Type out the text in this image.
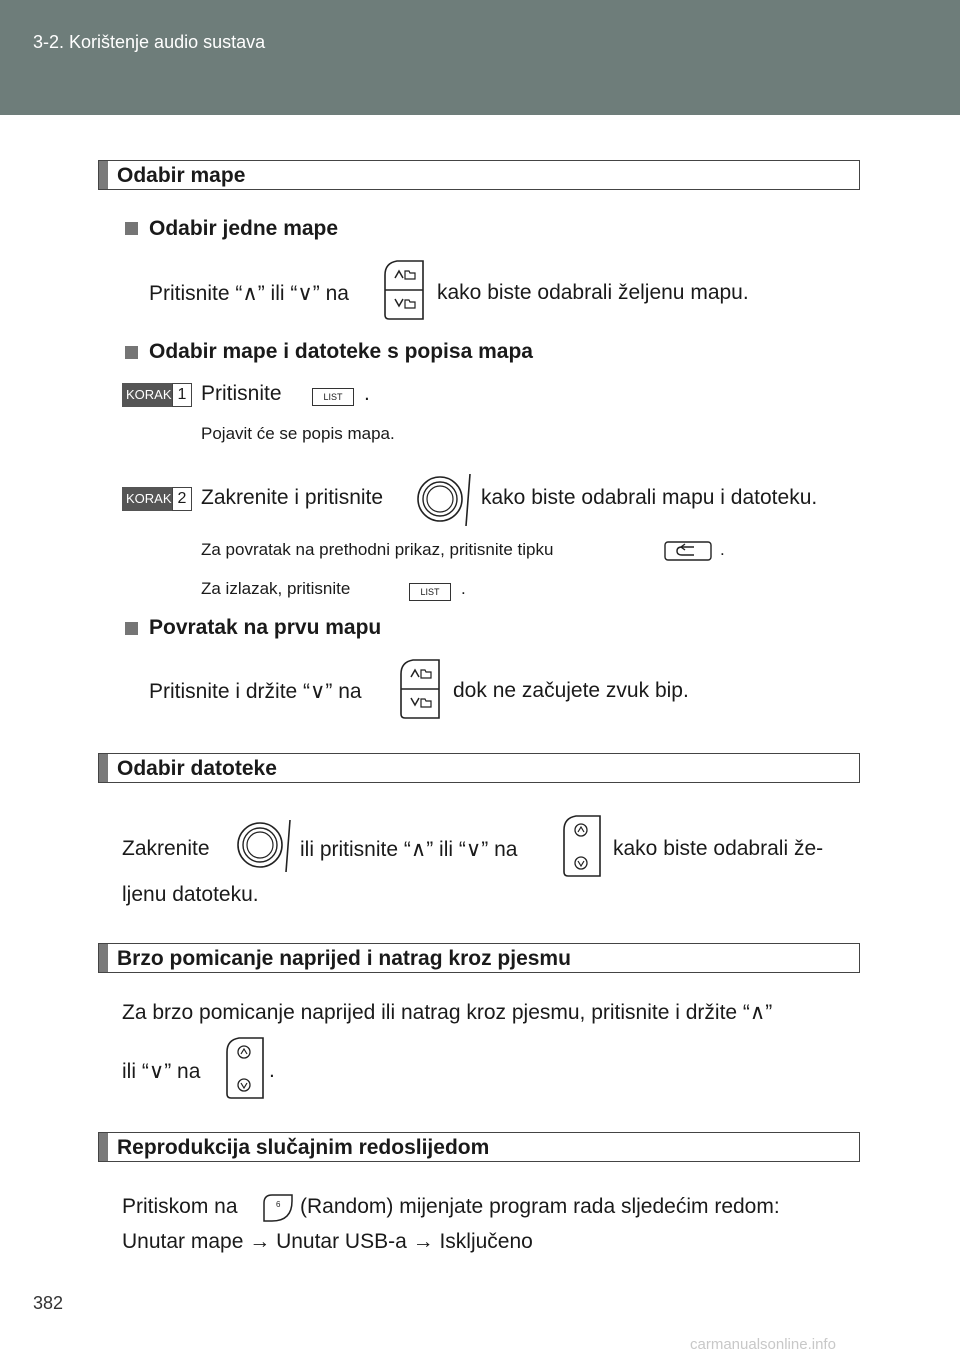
3-2. Korištenje audio sustava
Odabir mape
Odabir jedne mape
Pritisnite “∧” ili “∨” na	kako biste odabrali željenu mapu.
Odabir mape i datoteke s popisa mapa
KORAK 1 Pritisnite	LIST	.
Pojavit će se popis mapa.
KORAK 2 Zakrenite i pritisnite	kako biste odabrali mapu i datoteku.
Za povratak na prethodni prikaz, pritisnite tipku	.
Za izlazak, pritisnite	LIST	.
Povratak na prvu mapu
Pritisnite i držite “∨” na	dok ne začujete zvuk bip.
Odabir datoteke
Zakrenite	ili pritisnite “∧” ili “∨” na	kako biste odabrali že-
ljenu datoteku.
Brzo pomicanje naprijed i natrag kroz pjesmu
Za brzo pomicanje naprijed ili natrag kroz pjesmu, pritisnite i držite “∧”
ili “∨” na	.
Reprodukcija slučajnim redoslijedom
Pritiskom na	6 (Random) mijenjate program rada sljedećim redom:
Unutar mape → Unutar USB-a → Isključeno
382
carmanualsonline.info
